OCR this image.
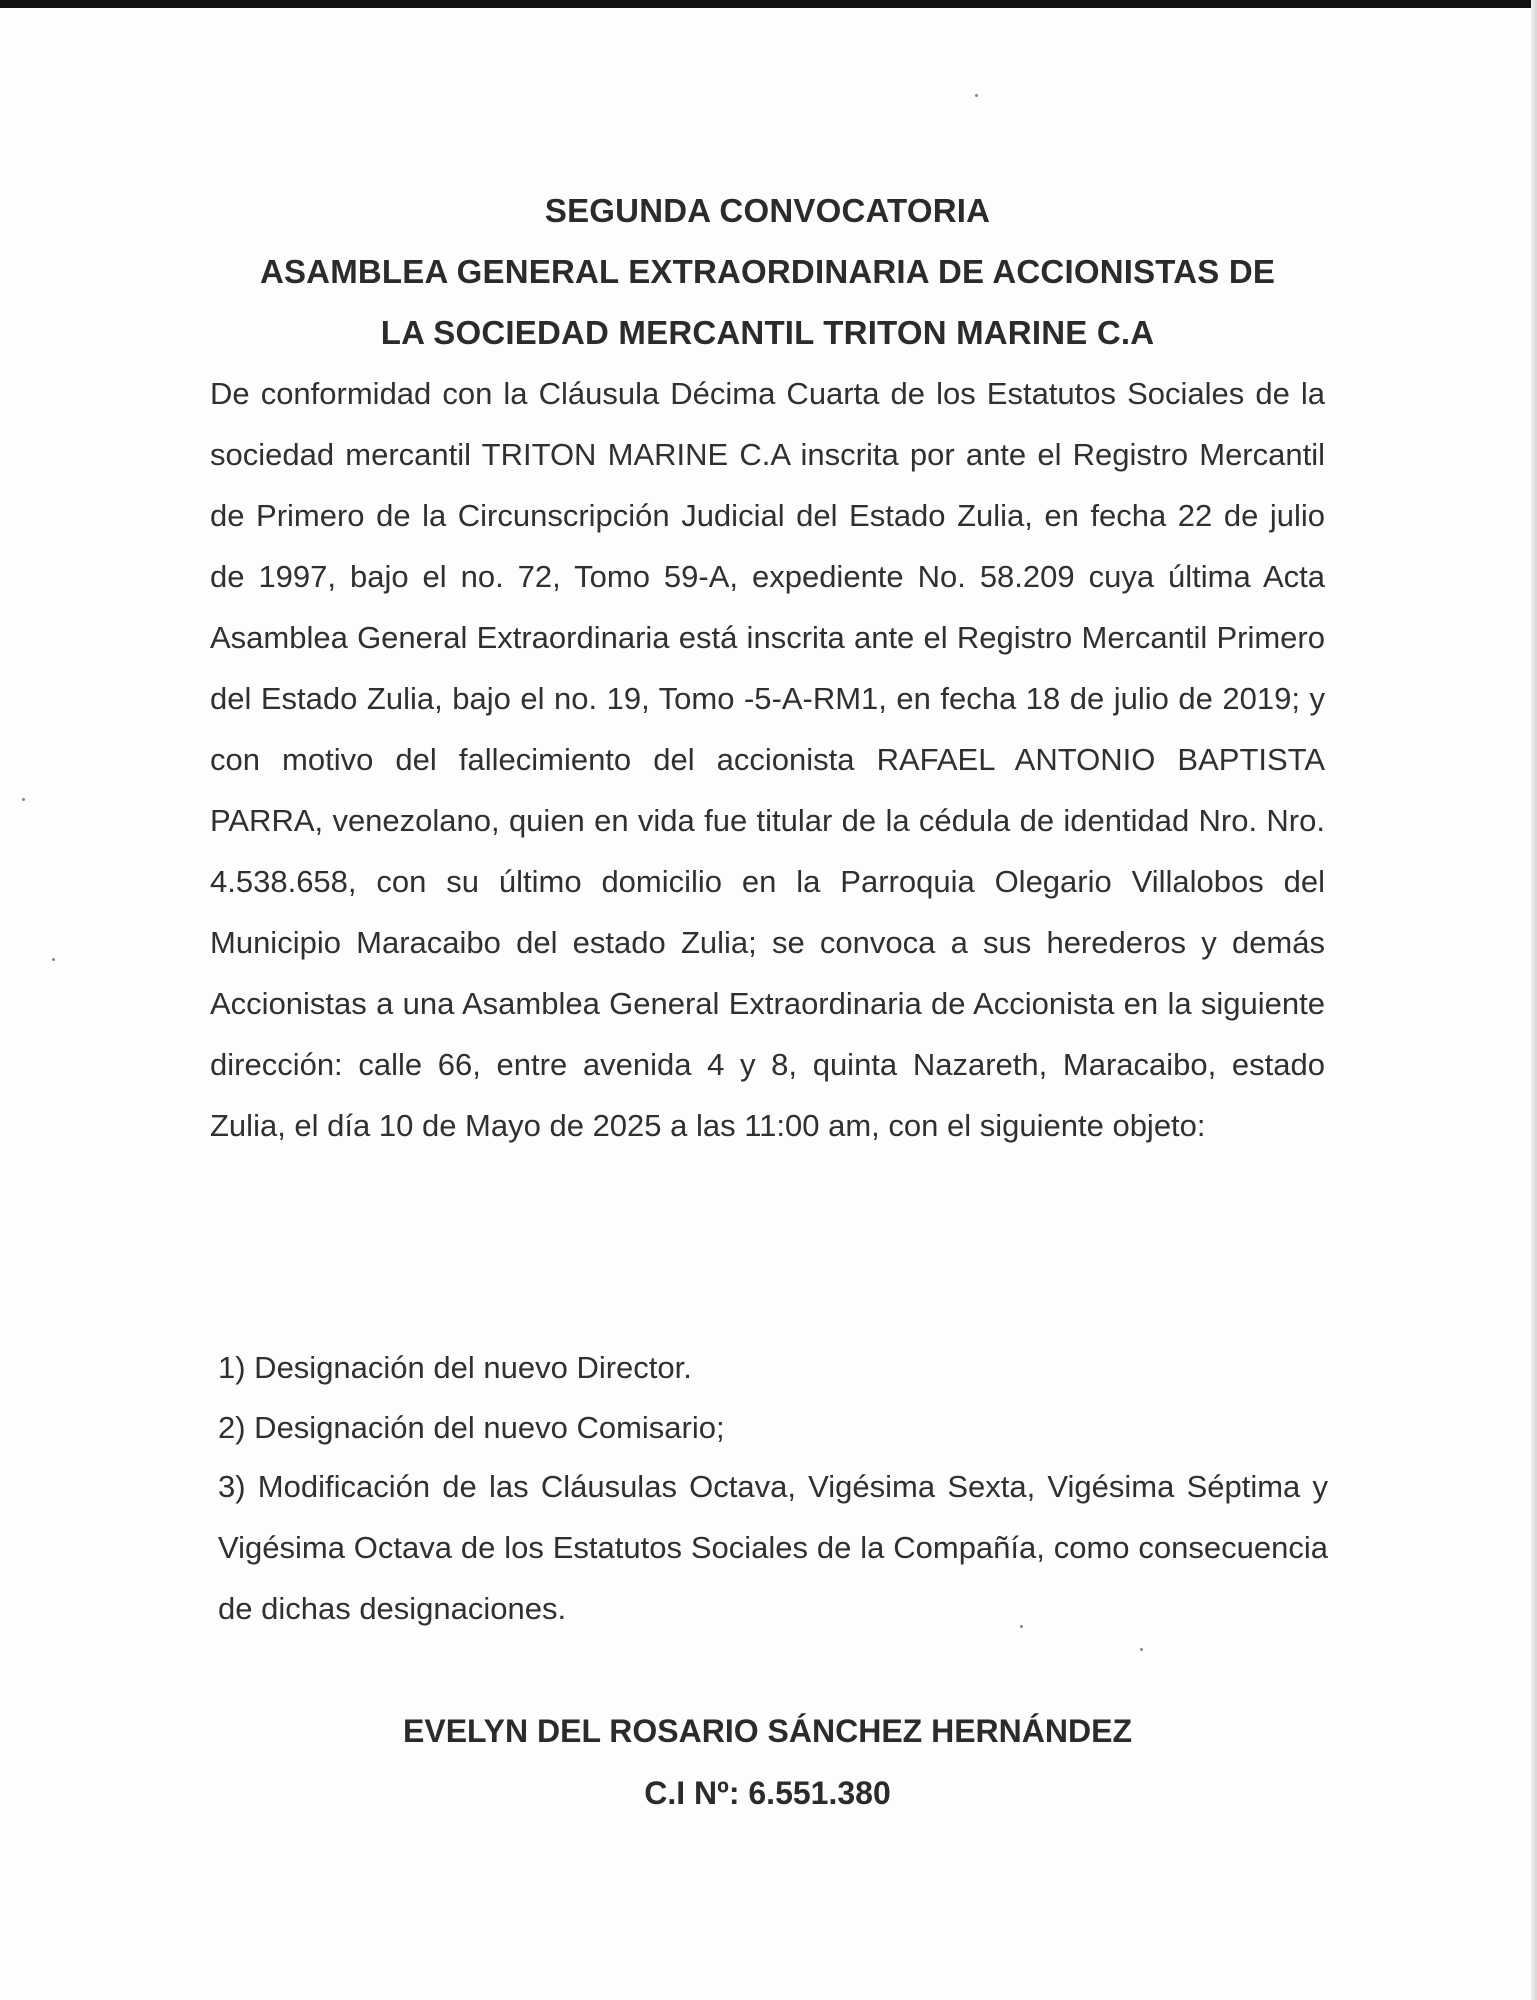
SEGUNDA CONVOCATORIA
ASAMBLEA GENERAL EXTRAORDINARIA DE ACCIONISTAS DE
LA SOCIEDAD MERCANTIL TRITON MARINE C.A
De conformidad con la Cláusula Décima Cuarta de los Estatutos Sociales de la sociedad mercantil TRITON MARINE C.A inscrita por ante el Registro Mercantil de Primero de la Circunscripción Judicial del Estado Zulia, en fecha 22 de julio de 1997, bajo el no. 72, Tomo 59-A, expediente No. 58.209 cuya última Acta Asamblea General Extraordinaria está inscrita ante el Registro Mercantil Primero del Estado Zulia, bajo el no. 19, Tomo -5-A-RM1, en fecha 18 de julio de 2019; y con motivo del fallecimiento del accionista RAFAEL ANTONIO BAPTISTA PARRA, venezolano, quien en vida fue titular de la cédula de identidad Nro. Nro. 4.538.658, con su último domicilio en la Parroquia Olegario Villalobos del Municipio Maracaibo del estado Zulia; se convoca a sus herederos y demás Accionistas a una Asamblea General Extraordinaria de Accionista en la siguiente dirección: calle 66, entre avenida 4 y 8, quinta Nazareth, Maracaibo, estado Zulia, el día 10 de Mayo de 2025 a las 11:00 am, con el siguiente objeto:
1) Designación del nuevo Director.
2) Designación del nuevo Comisario;
3) Modificación de las Cláusulas Octava, Vigésima Sexta, Vigésima Séptima y Vigésima Octava de los Estatutos Sociales de la Compañía, como consecuencia de dichas designaciones.
EVELYN DEL ROSARIO SÁNCHEZ HERNÁNDEZ
C.I Nº: 6.551.380
